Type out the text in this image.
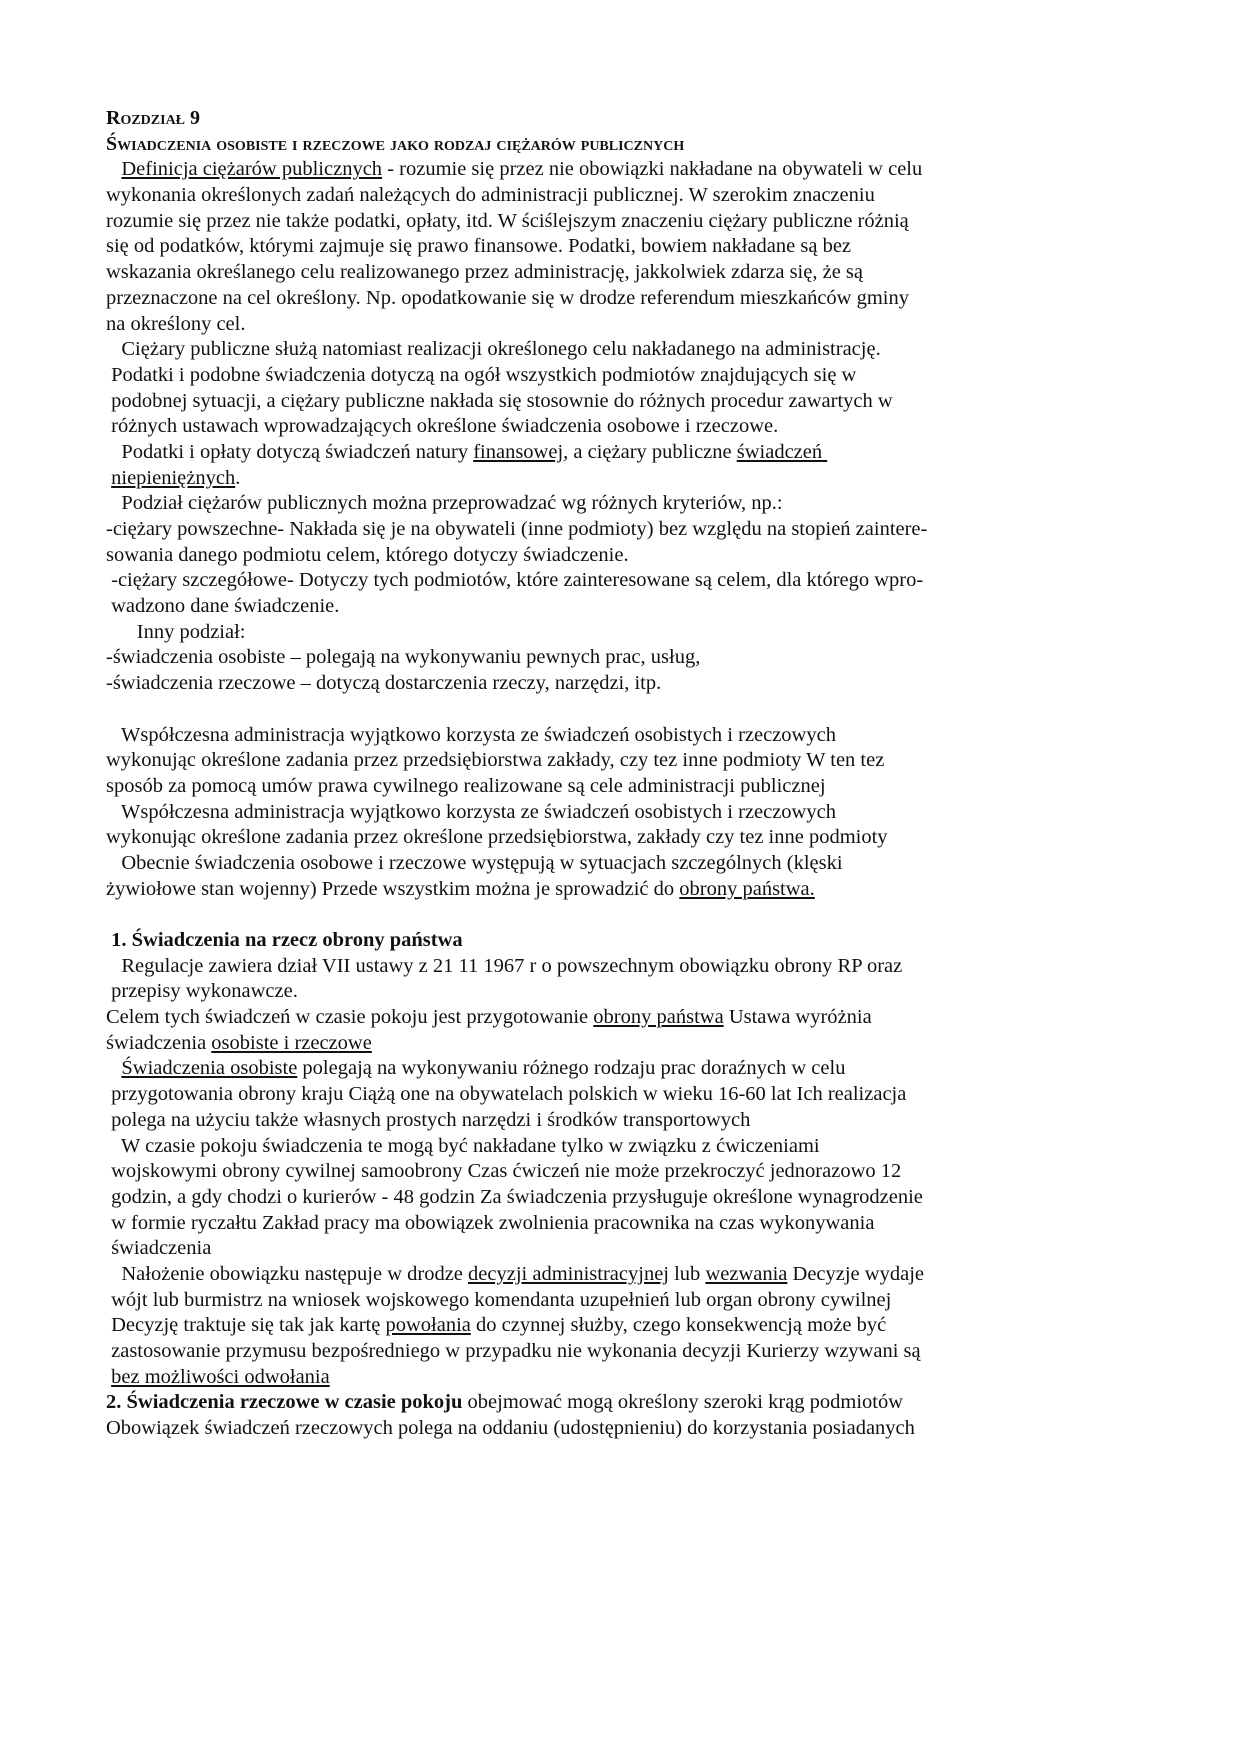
Rozdział 9
Świadczenia osobiste i rzeczowe jako rodzaj ciężarów publicznych
Definicja ciężarów publicznych - rozumie się przez nie obowiązki nakładane na obywateli w celu
wykonania określonych zadań należących do administracji publicznej. W szerokim znaczeniu
rozumie się przez nie także podatki, opłaty, itd. W ściślejszym znaczeniu ciężary publiczne różnią
się od podatków, którymi zajmuje się prawo finansowe. Podatki, bowiem nakładane są bez
wskazania określanego celu realizowanego przez administrację, jakkolwiek zdarza się, że są
przeznaczone na cel określony. Np. opodatkowanie się w drodze referendum mieszkańców gminy
na określony cel.
Ciężary publiczne służą natomiast realizacji określonego celu nakładanego na administrację.
Podatki i podobne świadczenia dotyczą na ogół wszystkich podmiotów znajdujących się w
podobnej sytuacji, a ciężary publiczne nakłada się stosownie do różnych procedur zawartych w
różnych ustawach wprowadzających określone świadczenia osobowe i rzeczowe.
Podatki i opłaty dotyczą świadczeń natury finansowej, a ciężary publiczne świadczeń
niepieniężnych.
Podział ciężarów publicznych można przeprowadzać wg różnych kryteriów, np.:
-ciężary powszechne- Nakłada się je na obywateli (inne podmioty) bez względu na stopień zaintere-
sowania danego podmiotu celem, którego dotyczy świadczenie.
-ciężary szczegółowe- Dotyczy tych podmiotów, które zainteresowane są celem, dla którego wpro-
wadzono dane świadczenie.
Inny podział:
-świadczenia osobiste – polegają na wykonywaniu pewnych prac, usług,
-świadczenia rzeczowe – dotyczą dostarczenia rzeczy, narzędzi, itp.
Współczesna administracja wyjątkowo korzysta ze świadczeń osobistych i rzeczowych
wykonując określone zadania przez przedsiębiorstwa zakłady, czy tez inne podmioty W ten tez
sposób za pomocą umów prawa cywilnego realizowane są cele administracji publicznej
Współczesna administracja wyjątkowo korzysta ze świadczeń osobistych i rzeczowych
wykonując określone zadania przez określone przedsiębiorstwa, zakłady czy tez inne podmioty
Obecnie świadczenia osobowe i rzeczowe występują w sytuacjach szczególnych (klęski
żywiołowe stan wojenny) Przede wszystkim można je sprowadzić do obrony państwa.
1. Świadczenia na rzecz obrony państwa
Regulacje zawiera dział VII ustawy z 21 11 1967 r o powszechnym obowiązku obrony RP oraz
przepisy wykonawcze.
Celem tych świadczeń w czasie pokoju jest przygotowanie obrony państwa Ustawa wyróżnia
świadczenia osobiste i rzeczowe
Świadczenia osobiste polegają na wykonywaniu różnego rodzaju prac doraźnych w celu
przygotowania obrony kraju Ciążą one na obywatelach polskich w wieku 16-60 lat Ich realizacja
polega na użyciu także własnych prostych narzędzi i środków transportowych
W czasie pokoju świadczenia te mogą być nakładane tylko w związku z ćwiczeniami
wojskowymi obrony cywilnej samoobrony Czas ćwiczeń nie może przekroczyć jednorazowo 12
godzin, a gdy chodzi o kurierów - 48 godzin Za świadczenia przysługuje określone wynagrodzenie
w formie ryczałtu Zakład pracy ma obowiązek zwolnienia pracownika na czas wykonywania
świadczenia
Nałożenie obowiązku następuje w drodze decyzji administracyjnej lub wezwania Decyzje wydaje
wójt lub burmistrz na wniosek wojskowego komendanta uzupełnień lub organ obrony cywilnej
Decyzję traktuje się tak jak kartę powołania do czynnej służby, czego konsekwencją może być
zastosowanie przymusu bezpośredniego w przypadku nie wykonania decyzji Kurierzy wzywani są
bez możliwości odwołania
2. Świadczenia rzeczowe w czasie pokoju obejmować mogą określony szeroki krąg podmiotów
Obowiązek świadczeń rzeczowych polega na oddaniu (udostępnieniu) do korzystania posiadanych
